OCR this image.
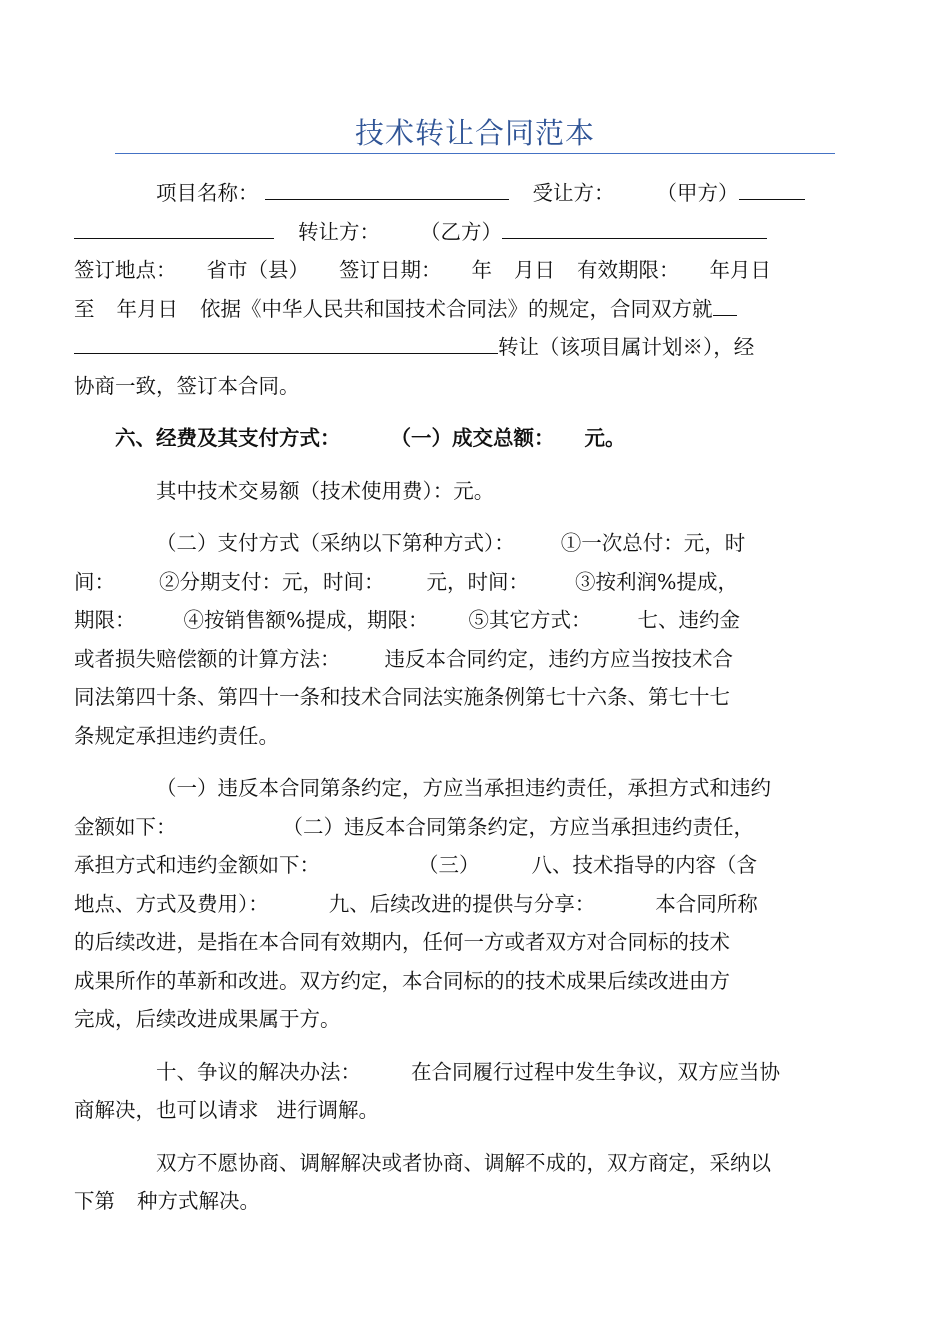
技术转让合同范本

项目名称：	受让方： （甲方）
转让方： （乙方）
签订地点： 省市（县） 签订日期： 年 月日 有效期限： 年月日
至 年月日 依据《中华人民共和国技术合同法》的规定，合同双方就
转让（该项目属计划※），经
协商一致，签订本合同。

六、经费及其支付方式： （一）成交总额： 元。

其中技术交易额（技术使用费）：元。

（二）支付方式（采纳以下第种方式）： ①一次总付：元，时
间： ②分期支付：元，时间： 元，时间： ③按利润%提成，
期限： ④按销售额%提成，期限： ⑤其它方式： 七、违约金
或者损失赔偿额的计算方法： 违反本合同约定，违约方应当按技术合
同法第四十条、第四十一条和技术合同法实施条例第七十六条、第七十七
条规定承担违约责任。

（一）违反本合同第条约定，方应当承担违约责任，承担方式和违约
金额如下：	（二）违反本合同第条约定，方应当承担违约责任，
承担方式和违约金额如下：	（三）	八、技术指导的内容（含
地点、方式及费用）：	九、后续改进的提供与分享：	本合同所称
的后续改进，是指在本合同有效期内，任何一方或者双方对合同标的技术
成果所作的革新和改进。双方约定，本合同标的的技术成果后续改进由方
完成，后续改进成果属于方。

十、争议的解决办法： 在合同履行过程中发生争议，双方应当协
商解决，也可以请求 进行调解。

双方不愿协商、调解解决或者协商、调解不成的，双方商定，采纳以
下第 种方式解决。
